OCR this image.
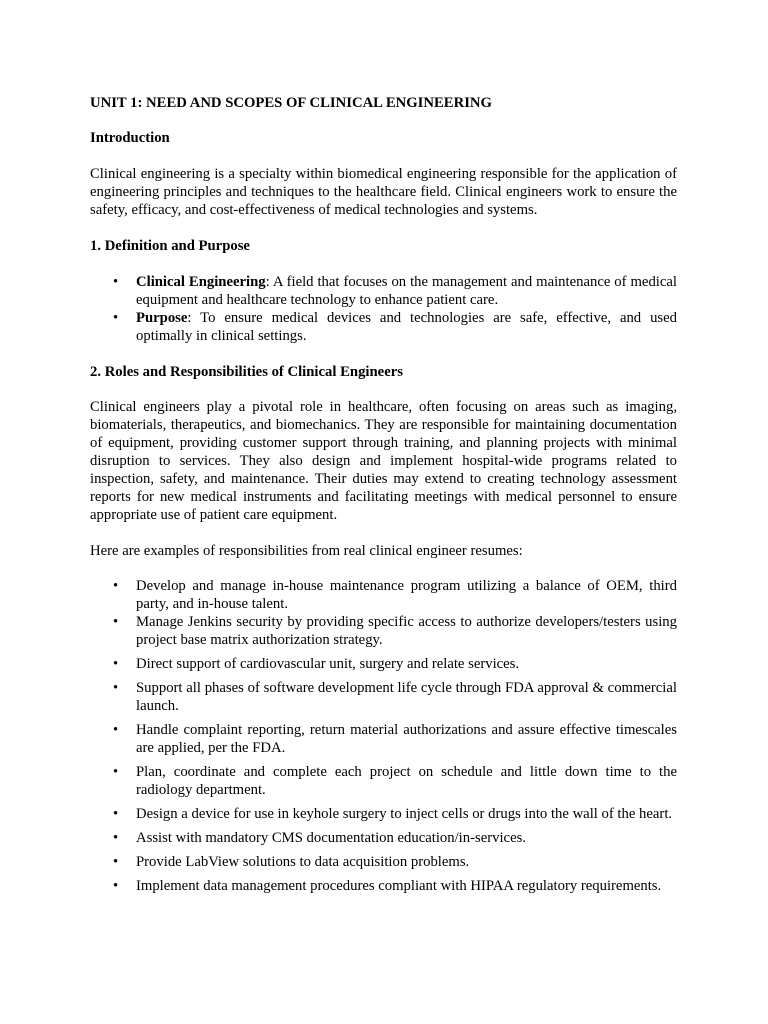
UNIT 1: NEED AND SCOPES OF CLINICAL ENGINEERING
Introduction
Clinical engineering is a specialty within biomedical engineering responsible for the application of engineering principles and techniques to the healthcare field. Clinical engineers work to ensure the safety, efficacy, and cost-effectiveness of medical technologies and systems.
1. Definition and Purpose
• Clinical Engineering: A field that focuses on the management and maintenance of medical equipment and healthcare technology to enhance patient care.
• Purpose: To ensure medical devices and technologies are safe, effective, and used optimally in clinical settings.
2. Roles and Responsibilities of Clinical Engineers
Clinical engineers play a pivotal role in healthcare, often focusing on areas such as imaging, biomaterials, therapeutics, and biomechanics. They are responsible for maintaining documentation of equipment, providing customer support through training, and planning projects with minimal disruption to services. They also design and implement hospital-wide programs related to inspection, safety, and maintenance. Their duties may extend to creating technology assessment reports for new medical instruments and facilitating meetings with medical personnel to ensure appropriate use of patient care equipment.
Here are examples of responsibilities from real clinical engineer resumes:
• Develop and manage in-house maintenance program utilizing a balance of OEM, third party, and in-house talent.
• Manage Jenkins security by providing specific access to authorize developers/testers using project base matrix authorization strategy.
• Direct support of cardiovascular unit, surgery and relate services.
• Support all phases of software development life cycle through FDA approval & commercial launch.
• Handle complaint reporting, return material authorizations and assure effective timescales are applied, per the FDA.
• Plan, coordinate and complete each project on schedule and little down time to the radiology department.
• Design a device for use in keyhole surgery to inject cells or drugs into the wall of the heart.
• Assist with mandatory CMS documentation education/in-services.
• Provide LabView solutions to data acquisition problems.
• Implement data management procedures compliant with HIPAA regulatory requirements.
